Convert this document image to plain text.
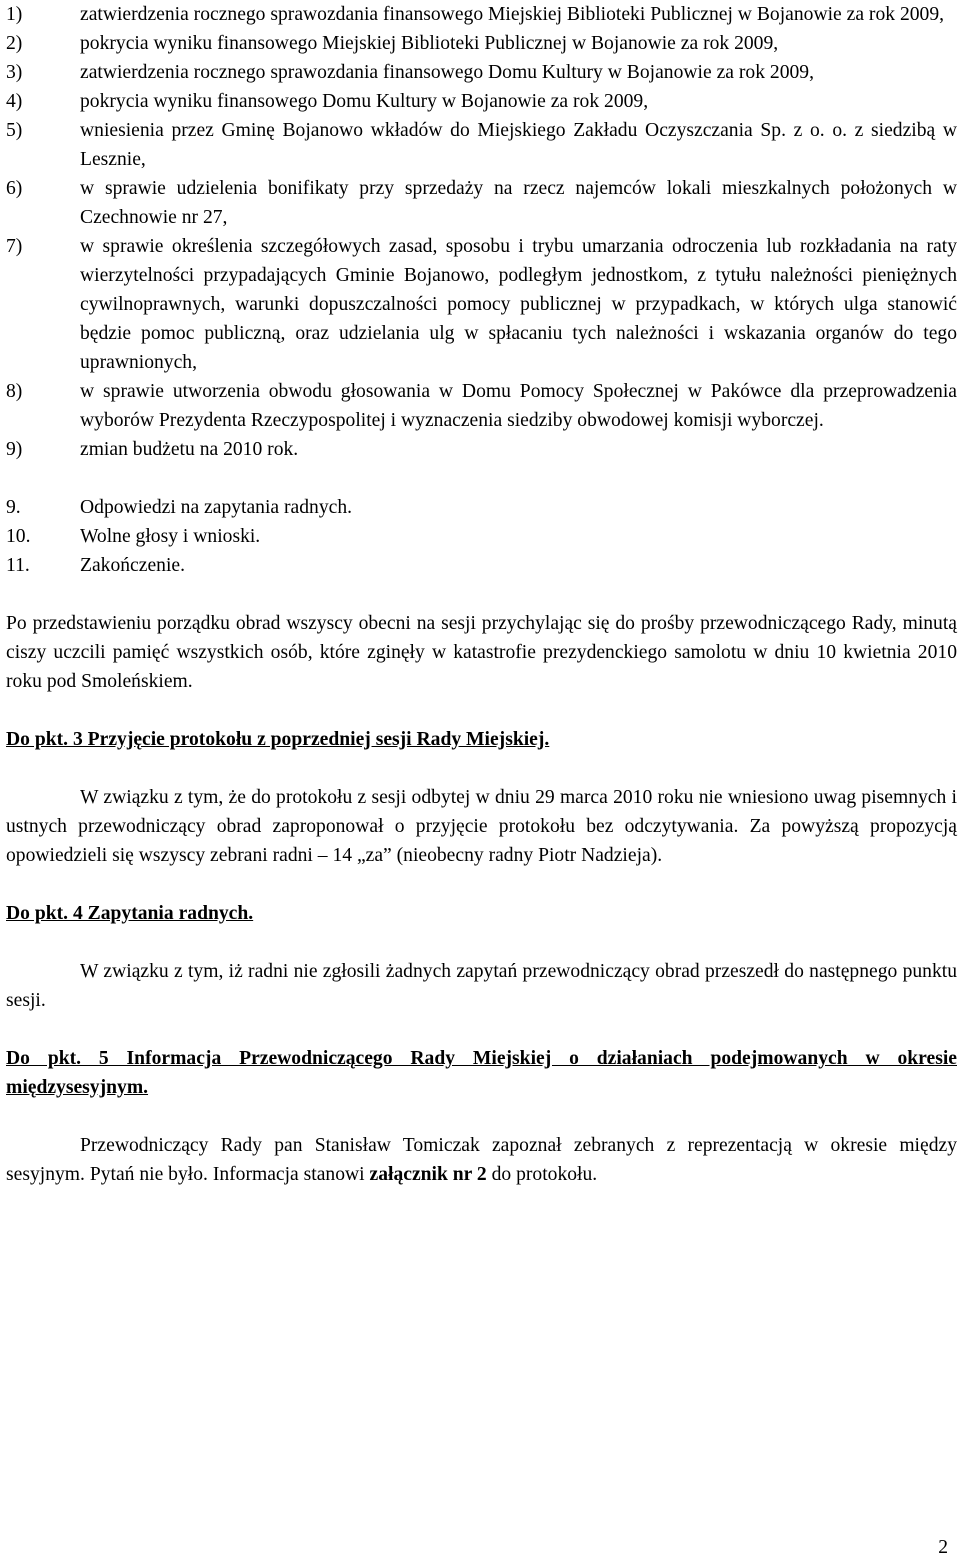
1)	zatwierdzenia rocznego sprawozdania finansowego Miejskiej Biblioteki Publicznej w Bojanowie za rok 2009,
2)	pokrycia wyniku finansowego Miejskiej Biblioteki Publicznej w Bojanowie za rok 2009,
3)	zatwierdzenia rocznego sprawozdania finansowego Domu Kultury w Bojanowie za rok 2009,
4)	pokrycia wyniku finansowego Domu Kultury w Bojanowie za rok 2009,
5)	wniesienia przez Gminę Bojanowo wkładów do Miejskiego Zakładu Oczyszczania Sp. z o. o. z siedzibą w Lesznie,
6)	w sprawie udzielenia bonifikaty przy sprzedaży na rzecz najemców lokali mieszkalnych położonych w Czechnowie nr 27,
7)	w sprawie określenia szczegółowych zasad, sposobu i trybu umarzania odroczenia lub rozkładania na raty wierzytelności przypadających Gminie Bojanowo, podległym jednostkom, z tytułu należności pieniężnych cywilnoprawnych, warunki dopuszczalności pomocy publicznej w przypadkach, w których ulga stanowić będzie pomoc publiczną, oraz udzielania ulg w spłacaniu tych należności i wskazania organów do tego uprawnionych,
8)	w sprawie utworzenia obwodu głosowania w Domu Pomocy Społecznej w Pakówce dla przeprowadzenia wyborów Prezydenta Rzeczypospolitej i wyznaczenia siedziby obwodowej komisji wyborczej.
9)	zmian budżetu na 2010 rok.
9.	Odpowiedzi na zapytania radnych.
10.	Wolne głosy i wnioski.
11.	Zakończenie.

Po przedstawieniu porządku obrad wszyscy obecni na sesji przychylając się do prośby przewodniczącego Rady, minutą ciszy uczcili pamięć wszystkich osób, które zginęły w katastrofie prezydenckiego samolotu w dniu 10 kwietnia 2010 roku pod Smoleńskiem.

Do pkt. 3 Przyjęcie protokołu z poprzedniej sesji Rady Miejskiej.

W związku z tym, że do protokołu z sesji odbytej w dniu 29 marca 2010 roku nie wniesiono uwag pisemnych i ustnych przewodniczący obrad zaproponował o przyjęcie protokołu bez odczytywania. Za powyższą propozycją opowiedzieli się wszyscy zebrani radni – 14 „za” (nieobecny radny Piotr Nadzieja).

Do pkt. 4 Zapytania radnych.

W związku z tym, iż radni nie zgłosili żadnych zapytań przewodniczący obrad przeszedł do następnego punktu sesji.

Do pkt. 5 Informacja Przewodniczącego Rady Miejskiej o działaniach podejmowanych w okresie międzysesyjnym.

Przewodniczący Rady pan Stanisław Tomiczak zapoznał zebranych z reprezentacją w okresie między sesyjnym. Pytań nie było. Informacja stanowi załącznik nr 2 do protokołu.

2
